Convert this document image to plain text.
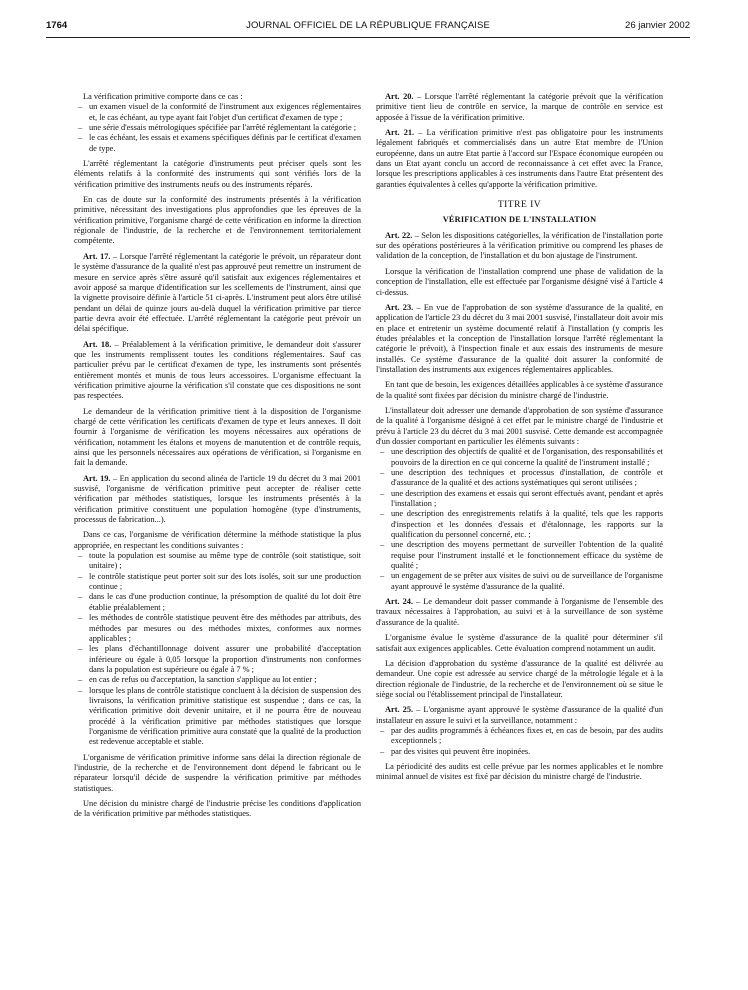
1764	JOURNAL OFFICIEL DE LA RÉPUBLIQUE FRANÇAISE	26 janvier 2002

La vérification primitive comporte dans ce cas :

– un examen visuel de la conformité de l'instrument aux exigences réglementaires et, le cas échéant, au type ayant fait l'objet d'un certificat d'examen de type ;
– une série d'essais métrologiques spécifiée par l'arrêté réglementant la catégorie ;
– le cas échéant, les essais et examens spécifiques définis par le certificat d'examen de type.

L'arrêté réglementant la catégorie d'instruments peut préciser quels sont les éléments relatifs à la conformité des instruments qui sont vérifiés lors de la vérification primitive des instruments neufs ou des instruments réparés.

En cas de doute sur la conformité des instruments présentés à la vérification primitive, nécessitant des investigations plus approfondies que les épreuves de la vérification primitive, l'organisme chargé de cette vérification en informe la direction régionale de l'industrie, de la recherche et de l'environnement territorialement compétente.

Art. 17. – Lorsque l'arrêté réglementant la catégorie le prévoit, un réparateur dont le système d'assurance de la qualité n'est pas approuvé peut remettre un instrument de mesure en service après s'être assuré qu'il satisfait aux exigences réglementaires et avoir apposé sa marque d'identification sur les scellements de l'instrument, ainsi que la vignette provisoire définie à l'article 51 ci-après. L'instrument peut alors être utilisé pendant un délai de quinze jours au-delà duquel la vérification primitive par tierce partie devra avoir été effectuée. L'arrêté réglementant la catégorie peut prévoir un délai spécifique.

Art. 18. – Préalablement à la vérification primitive, le demandeur doit s'assurer que les instruments remplissent toutes les conditions réglementaires. Sauf cas particulier prévu par le certificat d'examen de type, les instruments sont présentés entièrement montés et munis de tous leurs accessoires. L'organisme effectuant la vérification primitive ajourne la vérification s'il constate que ces dispositions ne sont pas respectées.

Le demandeur de la vérification primitive tient à la disposition de l'organisme chargé de cette vérification les certificats d'examen de type et leurs annexes. Il doit fournir à l'organisme de vérification les moyens nécessaires aux opérations de vérification, notamment les étalons et moyens de manutention et de contrôle requis, ainsi que les personnels nécessaires aux opérations de vérification, si l'organisme en fait la demande.

Art. 19. – En application du second alinéa de l'article 19 du décret du 3 mai 2001 susvisé, l'organisme de vérification primitive peut accepter de réaliser cette vérification par méthodes statistiques, lorsque les instruments présentés à la vérification primitive constituent une population homogène (type d'instruments, processus de fabrication...).

Dans ce cas, l'organisme de vérification détermine la méthode statistique la plus appropriée, en respectant les conditions suivantes :

– toute la population est soumise au même type de contrôle (soit statistique, soit unitaire) ;
– le contrôle statistique peut porter soit sur des lots isolés, soit sur une production continue ;
– dans le cas d'une production continue, la présomption de qualité du lot doit être établie préalablement ;
– les méthodes de contrôle statistique peuvent être des méthodes par attributs, des méthodes par mesures ou des méthodes mixtes, conformes aux normes applicables ;
– les plans d'échantillonnage doivent assurer une probabilité d'acceptation inférieure ou égale à 0,05 lorsque la proportion d'instruments non conformes dans la population est supérieure ou égale à 7 % ;
– en cas de refus ou d'acceptation, la sanction s'applique au lot entier ;
– lorsque les plans de contrôle statistique concluent à la décision de suspension des livraisons, la vérification primitive statistique est suspendue ; dans ce cas, la vérification primitive doit devenir unitaire, et il ne pourra être de nouveau procédé à la vérification primitive par méthodes statistiques que lorsque l'organisme de vérification primitive aura constaté que la qualité de la production est redevenue acceptable et stable.

L'organisme de vérification primitive informe sans délai la direction régionale de l'industrie, de la recherche et de l'environnement dont dépend le fabricant ou le réparateur lorsqu'il décide de suspendre la vérification primitive par méthodes statistiques.

Une décision du ministre chargé de l'industrie précise les conditions d'application de la vérification primitive par méthodes statistiques.

Art. 20. – Lorsque l'arrêté réglementant la catégorie prévoit que la vérification primitive tient lieu de contrôle en service, la marque de contrôle en service est apposée à l'issue de la vérification primitive.

Art. 21. – La vérification primitive n'est pas obligatoire pour les instruments légalement fabriqués et commercialisés dans un autre Etat membre de l'Union européenne, dans un autre Etat partie à l'accord sur l'Espace économique européen ou dans un Etat ayant conclu un accord de reconnaissance à cet effet avec la France, lorsque les prescriptions applicables à ces instruments dans l'autre Etat présentent des garanties équivalentes à celles qu'apporte la vérification primitive.

TITRE IV
VÉRIFICATION DE L'INSTALLATION

Art. 22. – Selon les dispositions catégorielles, la vérification de l'installation porte sur des opérations postérieures à la vérification primitive ou comprend les phases de validation de la conception, de l'installation et du bon ajustage de l'instrument.

Lorsque la vérification de l'installation comprend une phase de validation de la conception de l'installation, elle est effectuée par l'organisme désigné visé à l'article 4 ci-dessus.

Art. 23. – En vue de l'approbation de son système d'assurance de la qualité, en application de l'article 23 du décret du 3 mai 2001 susvisé, l'installateur doit avoir mis en place et entretenir un système documenté relatif à l'installation (y compris les études préalables et la conception de l'installation lorsque l'arrêté réglementant la catégorie le prévoit), à l'inspection finale et aux essais des instruments de mesure installés. Ce système d'assurance de la qualité doit assurer la conformité de l'installation des instruments aux exigences réglementaires applicables.

En tant que de besoin, les exigences détaillées applicables à ce système d'assurance de la qualité sont fixées par décision du ministre chargé de l'industrie.

L'installateur doit adresser une demande d'approbation de son système d'assurance de la qualité à l'organisme désigné à cet effet par le ministre chargé de l'industrie et prévu à l'article 23 du décret du 3 mai 2001 susvisé. Cette demande est accompagnée d'un dossier comportant en particulier les éléments suivants :

– une description des objectifs de qualité et de l'organisation, des responsabilités et pouvoirs de la direction en ce qui concerne la qualité de l'instrument installé ;
– une description des techniques et processus d'installation, de contrôle et d'assurance de la qualité et des actions systématiques qui seront utilisées ;
– une description des examens et essais qui seront effectués avant, pendant et après l'installation ;
– une description des enregistrements relatifs à la qualité, tels que les rapports d'inspection et les données d'essais et d'étalonnage, les rapports sur la qualification du personnel concerné, etc. ;
– une description des moyens permettant de surveiller l'obtention de la qualité requise pour l'instrument installé et le fonctionnement efficace du système de qualité ;
– un engagement de se prêter aux visites de suivi ou de surveillance de l'organisme ayant approuvé le système d'assurance de la qualité.

Art. 24. – Le demandeur doit passer commande à l'organisme de l'ensemble des travaux nécessaires à l'approbation, au suivi et à la surveillance de son système d'assurance de la qualité.

L'organisme évalue le système d'assurance de la qualité pour déterminer s'il satisfait aux exigences applicables. Cette évaluation comprend notamment un audit.

La décision d'approbation du système d'assurance de la qualité est délivrée au demandeur. Une copie est adressée au service chargé de la métrologie légale et à la direction régionale de l'industrie, de la recherche et de l'environnement où se situe le siège social ou l'établissement principal de l'installateur.

Art. 25. – L'organisme ayant approuvé le système d'assurance de la qualité d'un installateur en assure le suivi et la surveillance, notamment :

– par des audits programmés à échéances fixes et, en cas de besoin, par des audits exceptionnels ;
– par des visites qui peuvent être inopinées.

La périodicité des audits est celle prévue par les normes applicables et le nombre minimal annuel de visites est fixé par décision du ministre chargé de l'industrie.
